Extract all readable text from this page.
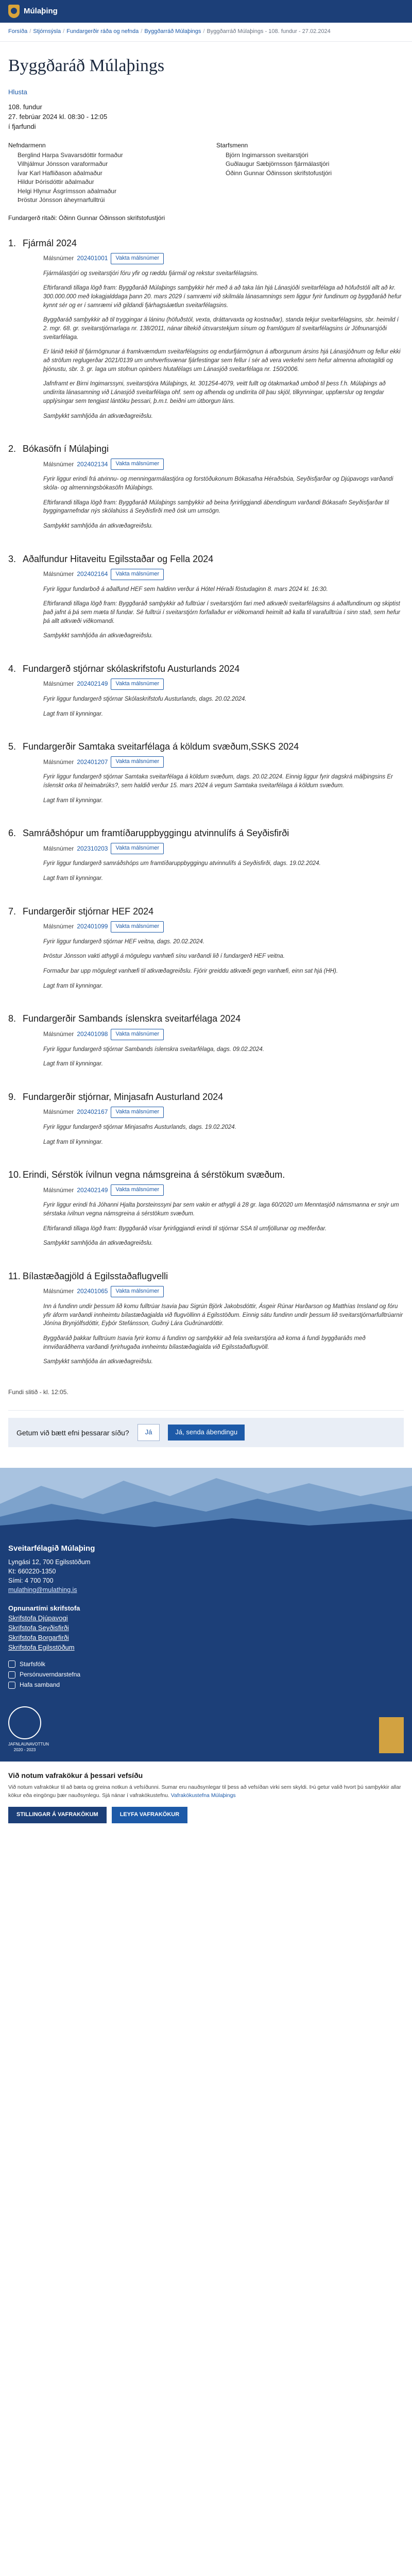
Múlaþing
Forsíða / Stjórnsýsla / Fundargerðir ráða og nefnda / Byggðarráð Múlaþings / Byggðarráð Múlaþings - 108. fundur - 27.02.2024
Byggðaráð Múlaþings

Hlusta

108. fundur

27. febrúar 2024 kl. 08:30 - 12:05

í fjarfundi

Nefndarmenn
Berglind Harpa Svavarsdóttir formaður
Vilhjálmur Jónsson varaformaður
Ívar Karl Hafliðason aðalmaður
Hildur Þórisdóttir aðalmaður
Helgi Hlynur Ásgrímsson aðalmaður
Þröstur Jónsson áheyrnarfulltrúi
Starfsmenn
Björn Ingimarsson sveitarstjóri
Guðlaugur Sæbjörnsson fjármálastjóri
Óðinn Gunnar Óðinsson skrifstofustjóri

Fundargerð ritaði: Óðinn Gunnar Óðinsson skrifstofustjóri

1. Fjármál 2024
Málsnúmer 202401001	Vakta málsnúmer

Fjármálastjóri og sveitarstjóri fóru yfir og ræddu fjármál og rekstur sveitarfélagsins.

Eftirfarandi tillaga lögð fram: Byggðaráð Múlaþings samþykkir hér með á að taka lán hjá Lánasjóði sveitarfélaga að höfuðstóli allt að kr. 300.000.000 með lokagjalddaga þann 20. mars 2029 í samræmi við skilmála lánasamnings sem liggur fyrir fundinum og byggðaráð hefur kynnt sér og er í samræmi við gildandi fjárhagsáætlun sveitarfélagsins.

Byggðaráð samþykkir að til tryggingar á láninu (höfuðstól, vexta, dráttarvaxta og kostnaðar), standa tekjur sveitarfélagsins, sbr. heimild í 2. mgr. 68. gr. sveitarstjórnarlaga nr. 138/2011, nánar tiltekið útsvarstekjum sínum og framlögum til sveitarfélagsins úr Jöfnunarsjóði sveitarfélaga.

Er lánið tekið til fjármögnunar á framkvæmdum sveitarfélagsins og endurfjármögnun á afborgunum ársins hjá Lánasjóðnum og fellur ekki að ströfum reglugerðar 2021/0139 um umhverfisvænar fjárfestingar sem fellur í sér að vera verkefni sem hefur almenna afnotagildi og þjónustu, sbr. 3. gr. laga um stofnun opinbers hlutafélags um Lánasjóð sveitarfélaga nr. 150/2006.

Jafnframt er Birni Ingimarssyni, sveitarstjóra Múlaþings, kt. 301254-4079, veitt fullt og ótakmarkað umboð til þess f.h. Múlaþings að undirrita lánasamning við Lánasjóð sveitarfélaga ohf. sem og afhenda og undirrita öll þau skjöl, tilkynningar, uppfærslur og tengdar upplýsingar sem tengjast lántöku þessari, þ.m.t. beiðni um útborgun láns.

Samþykkt samhljóða án atkvæðagreiðslu.

2. Bókasöfn í Múlaþingi
Málsnúmer 202402134	Vakta málsnúmer

Fyrir liggur erindi frá atvinnu- og menningarmálastjóra og forstöðukonum Bókasafna Héraðsbúa, Seyðisfjarðar og Djúpavogs varðandi skóla- og almenningsbókasöfn Múlaþings.

Eftirfarandi tillaga lögð fram: Byggðaráð Múlaþings samþykkir að beina fyrirliggjandi ábendingum varðandi Bókasafn Seyðisfjarðar til byggingarnefndar nýs skólahúss á Seyðisfirði með ósk um umsögn.

Samþykkt samhljóða án atkvæðagreiðslu.

3. Aðalfundur Hitaveitu Egilsstaðar og Fella 2024
Málsnúmer 202402164	Vakta málsnúmer

Fyrir liggur fundarboð á aðalfund HEF sem haldinn verður á Hótel Héraði föstudaginn 8. mars 2024 kl. 16:30.

Eftirfarandi tillaga lögð fram: Byggðaráð samþykkir að fulltrúar í sveitarstjórn fari með atkvæði sveitarfélagsins á aðalfundinum og skiptist það jafnt á þá sem mæta til fundar. Sé fulltrúi í sveitarstjórn forfallaður er viðkomandi heimilt að kalla til varafulltrúa í sinn stað, sem hefur þá allt atkvæði viðkomandi.

Samþykkt samhljóða án atkvæðagreiðslu.

4. Fundargerð stjórnar skólaskrifstofu Austurlands 2024
Málsnúmer 202402149	Vakta málsnúmer

Fyrir liggur fundargerð stjórnar Skólaskrifstofu Austurlands, dags. 20.02.2024.

Lagt fram til kynningar.

5. Fundargerðir Samtaka sveitarfélaga á köldum svæðum,SSKS 2024
Málsnúmer 202401207	Vakta málsnúmer

Fyrir liggur fundargerð stjórnar Samtaka sveitarfélaga á köldum svæðum, dags. 20.02.2024. Einnig liggur fyrir dagskrá málþingsins Er íslenskt orka til heimabrúks?, sem haldið verður 15. mars 2024 á vegum Samtaka sveitarfélaga á köldum svæðum.

Lagt fram til kynningar.

6. Samráðshópur um framtíðaruppbyggingu atvinnulífs á Seyðisfirði
Málsnúmer 202310203	Vakta málsnúmer

Fyrir liggur fundargerð samráðshóps um framtíðaruppbyggingu atvinnulífs á Seyðisfirði, dags. 19.02.2024.

Lagt fram til kynningar.

7. Fundargerðir stjórnar HEF 2024
Málsnúmer 202401099	Vakta málsnúmer

Fyrir liggur fundargerð stjórnar HEF veitna, dags. 20.02.2024.

Þröstur Jónsson vakti athygli á mögulegu vanhæfi sínu varðandi lið í fundargerð HEF veitna.

Formaður bar upp mögulegt vanhæfi til atkvæðagreiðslu. Fjórir greiddu atkvæði gegn vanhæfi, einn sat hjá (HH).

Lagt fram til kynningar.

8. Fundargerðir Sambands íslenskra sveitarfélaga 2024
Málsnúmer 202401098	Vakta málsnúmer

Fyrir liggur fundargerð stjórnar Sambands íslenskra sveitarfélaga, dags. 09.02.2024.

Lagt fram til kynningar.

9. Fundargerðir stjórnar, Minjasafn Austurland 2024
Málsnúmer 202402167	Vakta málsnúmer

Fyrir liggur fundargerð stjórnar Minjasafns Austurlands, dags. 19.02.2024.

Lagt fram til kynningar.

10. Erindi, Sérstök ívilnun vegna námsgreina á sérstökum svæðum.
Málsnúmer 202402149	Vakta málsnúmer

Fyrir liggur erindi frá Jóhanni Hjalta þorsteinssyni þar sem vakin er athygli á 28 gr. laga 60/2020 um Menntasjóð námsmanna er snýr um sérstaka ívilnun vegna námsgreina á sérstökum svæðum.

Eftirfarandi tillaga lögð fram: Byggðaráð vísar fyrirliggjandi erindi til stjórnar SSA til umfjöllunar og meðferðar.

Samþykkt samhljóða án atkvæðagreiðslu.

11. Bílastæðagjöld á Egilsstaðaflugvelli
Málsnúmer 202401065	Vakta málsnúmer

Inn á fundinn undir þessum lið komu fulltrúar Isavia þau Sigrún Björk Jakobsdóttir, Ásgeir Rúnar Harðarson og Matthías Imsland og fóru yfir áform varðandi innheimtu bílastæðagjalda við flugvöllinn á Egilsstöðum. Einnig sátu fundinn undir þessum lið sveitarstjórnarfulltrúarnir Jónína Brynjólfsdóttir, Eyþór Stefánsson, Guðný Lára Guðrúnardóttir.

Byggðaráð þakkar fulltrúum Isavia fyrir komu á fundinn og samþykkir að fela sveitarstjóra að koma á fundi byggðaráðs með innviðaráðherra varðandi fyrirhugaða innheimtu bílastæðagjalda við Egilsstaðaflugvöll.

Samþykkt samhljóða án atkvæðagreiðslu.

Fundi slitið - kl. 12:05.

Getum við bætt efni þessarar síðu?	Já	Já, senda ábendingu
Sveitarfélagið Múlaþing

Lyngási 12, 700 Egilsstöðum

Kt: 660220-1350

Sími: 4 700 700

mulathing@mulathing.is

Opnunartími skrifstofa
Skrifstofa Djúpavogi
Skrifstofa Seyðisfirði
Skrifstofa Borgarfirði
Skrifstofa Egilsstöðum
Starfsfólk
Persónuverndarstefna
Hafa samband
JAFNLAUNAVOTTUN 2020 - 2023
Við notum vafrakökur á þessari vefsíðu

Við notum vafrakökur til að bæta og greina notkun á vefsíðunni. Sumar eru nauðsynlegar til þess að vefsíðan virki sem skyldi. Þú getur valið hvort þú samþykkir allar kökur eða eingöngu þær nauðsynlegu. Sjá nánar í vafrakökustefnu. Vafrakökustefna Múlaþings

STILLINGAR Á VAFRAKÖKUM	LEYFA VAFRAKÖKUR
